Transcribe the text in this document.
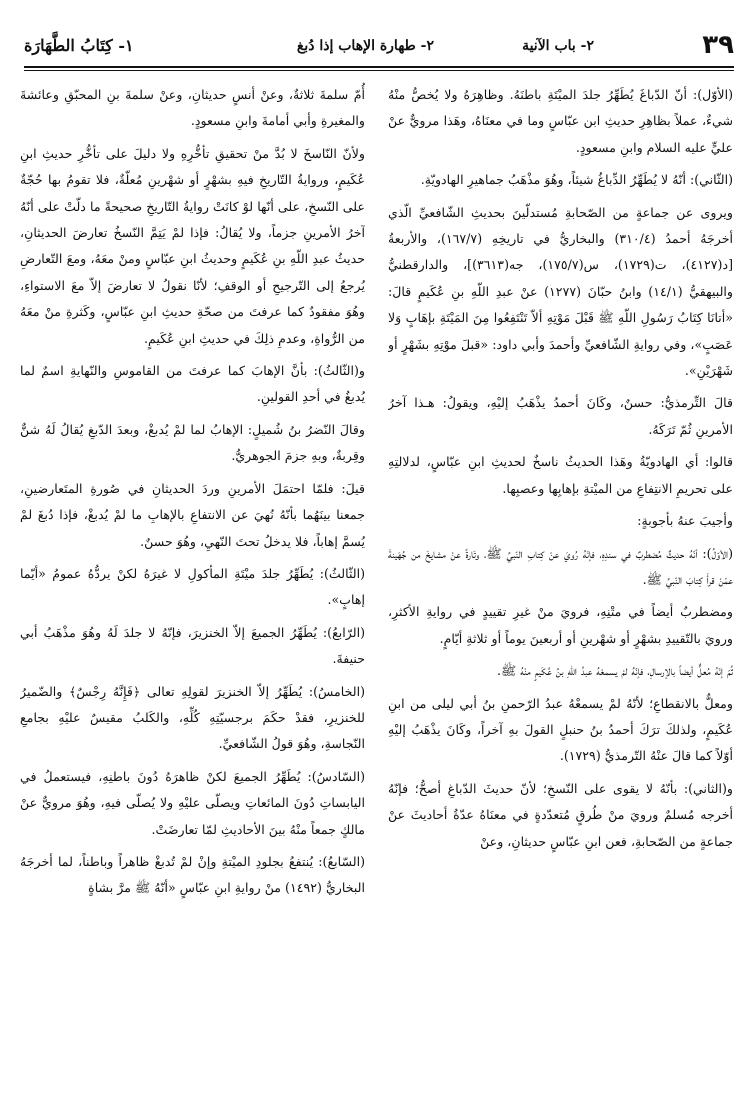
٣٩
٢- باب الآنية
٢- طهارة الإهاب إذا دُبغ
١- كِتَابُ الطَّهَارَة

(الأوّل): أنّ الدّباغَ يُطَهِّرُ جلدَ الميْتَةِ باطنَهُ. وظاهِرَهُ ولا يُخصُّ منْهُ شيءٌ، عملاً بظاهِرِ حديثِ ابن عبّاسٍ وما في معنَاهُ، وهَذا مرويٌّ عنْ عليٍّ عليه السلام وابنِ مسعودٍ.

(الثّاني): أنّهُ لا يُطَهِّرُ الدِّباغُ شيئاً، وهُوَ مذْهَبُ جماهيرِ الهادويّةِ.

ويروى عن جماعةٍ من الصّحابةِ مُستدلّينَ بحديثِ الشّافعيِّ الّذي أخرجَهُ أحمدُ (٣١٠/٤) والبخاريُّ في تاريخِهِ (١٦٧/٧)، والأربعةُ [د(٤١٢٧)، ت(١٧٢٩)، س(١٧٥/٧)، جه(٣٦١٣)]، والدارقطنيُّ والبيهقيُّ (١٤/١) وابنُ حبّانَ (١٢٧٧) عنْ عبدِ اللّهِ بنِ عُكَيمٍ قالَ: «أتانَا كِتَابُ رَسُولِ اللّهِ ﷺ قَبْلَ مَوْتِهِ ألاّ تَنْتَفِعُوا مِنَ المَيْتَةِ بإهَابٍ وَلا عَصَبٍ»، وفي روايةِ الشّافعيِّ وأحمدَ وأبي داود: «قبلَ موْتِهِ بشَهْرٍ أو شَهْرَيْنِ».

قالَ التِّرمذيُّ: حسنٌ، وكَانَ أحمدُ يذْهَبُ إليْهِ، ويقولُ: هـذا آخرُ الأمرينِ ثُمّ تَرَكَهُ.

قالوا: أي الهادويّةُ وهَذا الحديثُ ناسخٌ لحديثِ ابنِ عبّاسٍ، لدلالتِهِ على تحريمِ الانتِفاعِ من الميْتةِ بإهابِها وعصبِها.

وأجيبَ عنهُ بأجوبةٍ:

(الأوّلُ): أنّهُ حديثٌ مُضطربٌ في سندِهِ، فإنّهُ رُويَ عنْ كِتابِ النّبيِّ ﷺ، وتَارةً عنْ مشايخَ من جُهَينةَ عمّنْ قرأَ كِتابَ النّبيِّ ﷺ.

ومضطربٌ أيضاً في متْنِهِ، فرويَ منْ غيرِ تقييدٍ في روايةِ الأكثرِ، ورويَ بالتّقييدِ بشهْرٍ أو شهْرينِ أو أربعينَ يوماً أو ثلاثةِ أيّامٍ.

ثُمّ إنّهُ مُعلٌّ أيضاً بالإرسالِ، فإنّهُ لمْ يسمعْهُ عبدُ اللّهِ بنُ عُكَيمٍ منْهُ ﷺ.

ومعلٌّ بالانقطاعِ؛ لأنّهُ لمْ يسمعْهُ عبدُ الرّحمنِ بنُ أبي ليلى من ابنِ عُكَيمٍ، ولذلكَ ترَكَ أحمدُ بنُ حنبلٍ القولَ بهِ آخراً، وكَانَ يذْهَبُ إليْهِ أوّلاً كما قالَ عنْهُ التّرمذيُّ (١٧٢٩).

و(الثاني): بأنّهُ لا يقوى على النّسخِ؛ لأنّ حديثَ الدّباغِ أصحُّ؛ فإنّهُ أخرجه مُسلمٌ ورويَ منْ طُرقٍ مُتعدّدةٍ في معنَاهُ عدّةُ أحاديثَ عنْ جماعةٍ من الصّحابةِ، فعن ابنِ عبّاسٍ حديثانِ، وعنْ

أُمّ سلمةَ ثلاثةٌ، وعنْ أنسٍ حديثانِ، وعنْ سلمةَ بنِ المحبّقِ وعائشةَ والمغيرةِ وأبي أمامةَ وابنِ مسعودٍ.

ولأنّ النّاسخَ لا بُدَّ منْ تحقيقِ تأخُّرِهِ ولا دليلَ على تأخُّرِ حديثِ ابنِ عُكَيمٍ، وروايةُ التّاريخِ فيهِ بشهْرٍ أو شهْرينِ مُعلّةٌ، فلا تقومُ بها حُجّةٌ على النّسخِ، على أنّها لوْ كانَتْ روايةُ التّاريخِ صحيحةً ما دلّتْ على أنّهُ آخرُ الأمرينِ جزماً، ولا يُقالُ: فإذا لمْ يَتِمَّ النّسخُ تعارضَ الحديثانِ، حديثُ عبدِ اللّهِ بنِ عُكَيمٍ وحديثُ ابنِ عبّاسٍ ومنْ معَهُ، ومعَ التّعارضِ يُرجعُ إلى التّرجيحِ أو الوقفِ؛ لأنّا نقولُ لا تعارضَ إلاّ معَ الاستواءِ، وهُوَ مفقودٌ كما عرفتَ من صحّةِ حديثِ ابنِ عبّاسٍ، وكَثرةِ منْ معَهُ من الرُّواةِ، وعدمِ ذلِكَ في حديثِ ابنِ عُكَيمٍ.

و(الثّالثُ): بأنَّ الإهابَ كما عرفتَ من القاموسِ والنّهايةِ اسمٌ لما يُدبغُ في أحدِ القولينِ.

وقالَ النّضرُ بنُ شُميلٍ: الإهابُ لما لمْ يُدبغْ، وبعدَ الدّبغِ يُقالُ لَهُ شنٌّ وقِربةٌ، وبهِ جزمَ الجوهريُّ.

قيلَ: فلمّا احتمَلَ الأمرينِ وردَ الحديثانِ في صُورةِ المتَعارضينِ، جمعنا بينَهُما بأنّهُ نُهيَ عن الانتفاعِ بالإهابِ ما لمْ يُدبغْ، فإذا دُبغَ لمْ يُسمَّ إهاباً، فلا يدخلُ تحتَ النّهيِ، وهُوَ حسنٌ.

(الثّالثُ): يُطَهِّرُ جلدَ ميْتَةِ المأكولِ لا غيرَهُ لكنْ يردُّهُ عمومُ «أيّما إهابٍ».

(الرّابعُ): يُطَهِّرُ الجميعَ إلاّ الخنزيرَ، فإنّهُ لا جلدَ لَهُ وهُوَ مذْهَبُ أبي حنيفةَ.

(الخامسُ): يُطَهِّرُ إلاّ الخنزيرَ لقولِهِ تعالى ﴿فَإِنَّهُ رِجْسٌ﴾ والضّميرُ للخنزيرِ، فقدْ حكَمَ برجسيّتِهِ كُلِّهِ، والكَلبُ مقيسٌ عليْهِ بجامعِ النّجاسةِ، وهُوَ قولُ الشّافعيِّ.

(السّادسُ): يُطَهِّرُ الجميعَ لكنْ ظاهرَهُ دُونَ باطنِهِ، فيستعملُ في اليابساتِ دُونَ المائعاتِ ويصلّى عليْهِ ولا يُصلّى فيهِ، وهُوَ مرويٌّ عنْ مالكٍ جمعاً منْهُ بينَ الأحاديثِ لمّا تعارضَتْ.

(السّابعُ): يُنتفعُ بجلودِ الميْتةِ وإنْ لمْ تُدبغْ ظاهراً وباطناً، لما أخرجَهُ البخاريُّ (١٤٩٢) منْ روايةِ ابنِ عبّاسٍ «أنّهُ ﷺ مرَّ بشاةٍ
